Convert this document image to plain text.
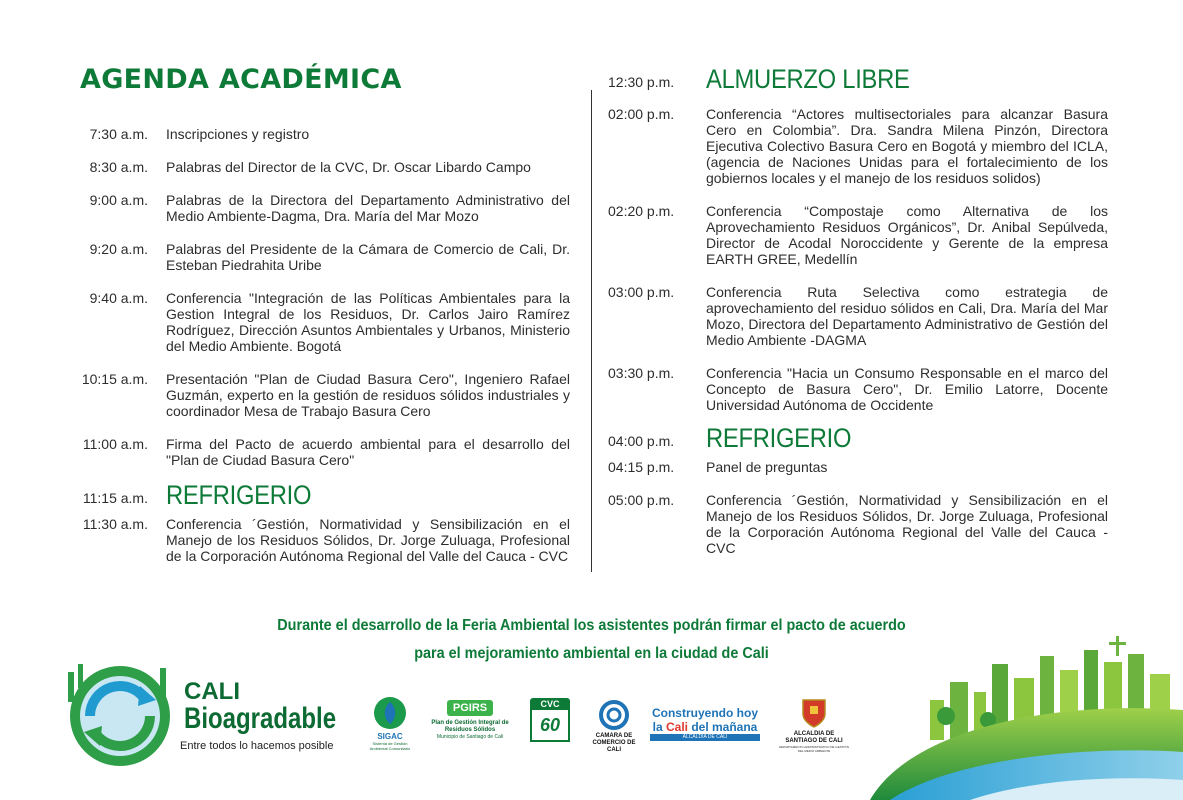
AGENDA ACADÉMICA
7:30 a.m. Inscripciones y registro
8:30 a.m. Palabras del Director de la CVC, Dr. Oscar Libardo Campo
9:00 a.m. Palabras de la Directora del Departamento Administrativo del Medio Ambiente-Dagma, Dra. María del Mar Mozo
9:20 a.m. Palabras del Presidente de la Cámara de Comercio de Cali, Dr. Esteban Piedrahita Uribe
9:40 a.m. Conferencia "Integración de las Políticas Ambientales para la Gestion Integral de los Residuos, Dr. Carlos Jairo Ramírez Rodríguez, Dirección Asuntos Ambientales y Urbanos, Ministerio del Medio Ambiente. Bogotá
10:15 a.m. Presentación "Plan de Ciudad Basura Cero", Ingeniero Rafael Guzmán, experto en la gestión de residuos sólidos industriales y coordinador Mesa de Trabajo Basura Cero
11:00 a.m. Firma del Pacto de acuerdo ambiental para el desarrollo del "Plan de Ciudad Basura Cero"
11:15 a.m. REFRIGERIO
11:30 a.m. Conferencia ´Gestión, Normatividad y Sensibilización en el Manejo de los Residuos Sólidos, Dr. Jorge Zuluaga, Profesional de la Corporación Autónoma Regional del Valle del Cauca - CVC
12:30 p.m.	ALMUERZO LIBRE
02:00 p.m.	Conferencia “Actores multisectoriales para alcanzar Basura Cero en Colombia”. Dra. Sandra Milena Pinzón, Directora Ejecutiva Colectivo Basura Cero en Bogotá y miembro del ICLA, (agencia de Naciones Unidas para el fortalecimiento de los gobiernos locales y el manejo de los residuos solidos)
02:20 p.m.	Conferencia “Compostaje como Alternativa de los Aprovechamiento Residuos Orgánicos”, Dr. Anibal Sepúlveda, Director de Acodal Noroccidente y Gerente de la empresa EARTH GREE, Medellín
03:00 p.m.	Conferencia Ruta Selectiva como estrategia de aprovechamiento del residuo sólidos en Cali, Dra. María del Mar Mozo, Directora del Departamento Administrativo de Gestión del Medio Ambiente -DAGMA
03:30 p.m.	Conferencia "Hacia un Consumo Responsable en el marco del Concepto de Basura Cero", Dr. Emilio Latorre, Docente Universidad Autónoma de Occidente
04:00 p.m.	REFRIGERIO
04:15 p.m.	Panel de preguntas
05:00 p.m.	Conferencia ´Gestión, Normatividad y Sensibilización en el Manejo de los Residuos Sólidos, Dr. Jorge Zuluaga, Profesional de la Corporación Autónoma Regional del Valle del Cauca - CVC
Durante el desarrollo de la Feria Ambiental los asistentes podrán firmar el pacto de acuerdo
para el mejoramiento ambiental en la ciudad de Cali
CALI
Bioagradable
Entre todos lo hacemos posible
SIGAC
Sistema de Gestión Ambiental Comunitario
PGIRS
Plan de Gestión Integral de Residuos Sólidos
Municipio de Santiago de Cali
CVC
60
CAMARA DE COMERCIO DE CALI
Construyendo hoy
la Cali del mañana
ALCALDÍA DE CALI	ALCALDIA DE
SANTIAGO DE CALI
DEPARTAMENTO ADMINISTRATIVO DE GESTIÓN DEL MEDIO AMBIENTE
